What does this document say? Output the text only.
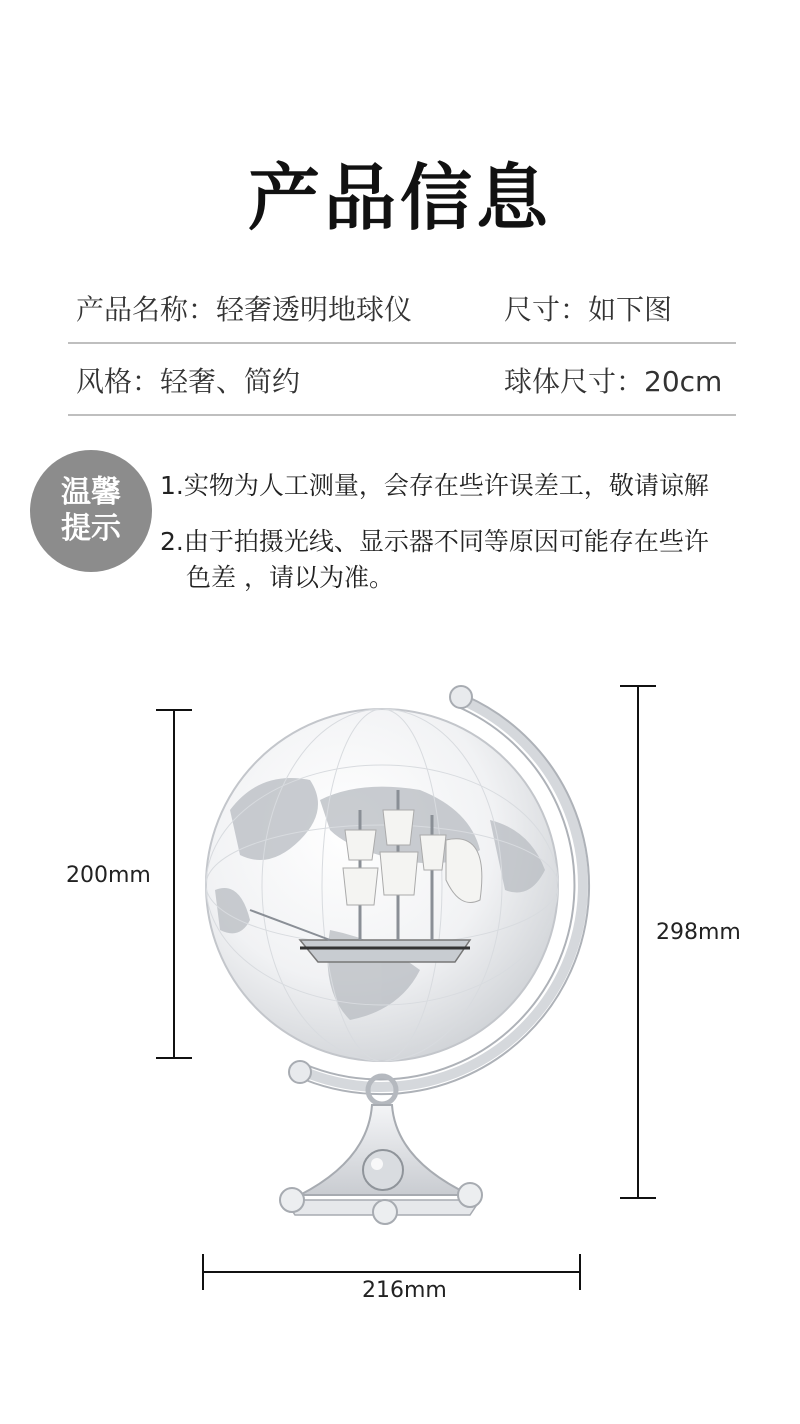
产品信息
产品名称：轻奢透明地球仪	尺寸：如下图
风格：轻奢、简约	球体尺寸：20cm
温馨
提示
1.实物为人工测量，会存在些许误差工，敬请谅解
2.由于拍摄光线、显示器不同等原因可能存在些许
色差 ，请以为准。
200mm
298mm
216mm
